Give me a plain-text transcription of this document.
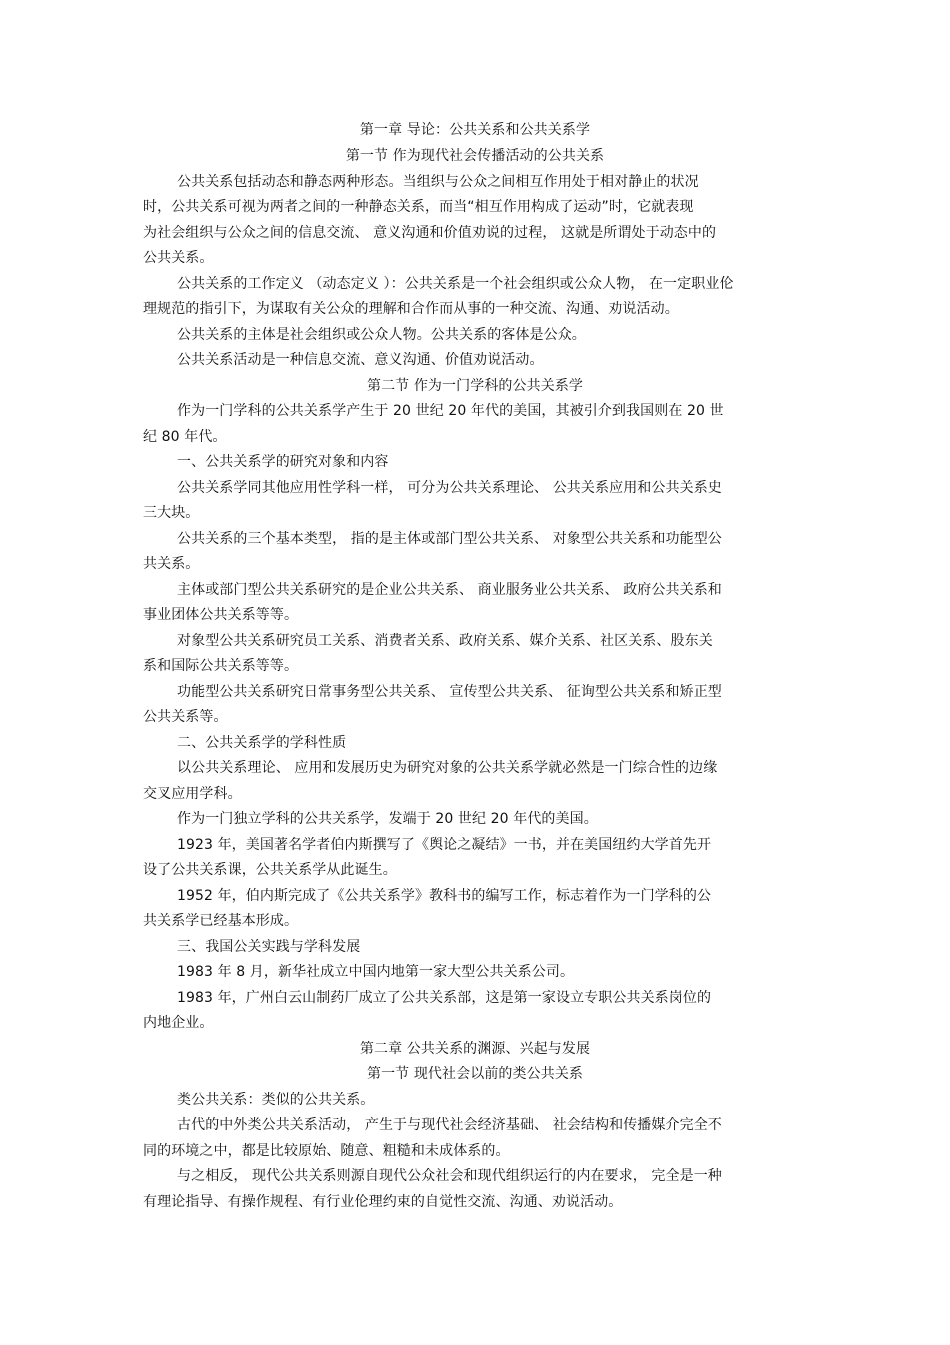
第一章 导论：公共关系和公共关系学
第一节 作为现代社会传播活动的公共关系
公共关系包括动态和静态两种形态。当组织与公众之间相互作用处于相对静止的状况
时，公共关系可视为两者之间的一种静态关系，而当“相互作用构成了运动”时，它就表现
为社会组织与公众之间的信息交流、 意义沟通和价值劝说的过程， 这就是所谓处于动态中的
公共关系。
公共关系的工作定义 （动态定义 ）：公共关系是一个社会组织或公众人物， 在一定职业伦
理规范的指引下，为谋取有关公众的理解和合作而从事的一种交流、沟通、劝说活动。
公共关系的主体是社会组织或公众人物。公共关系的客体是公众。
公共关系活动是一种信息交流、意义沟通、价值劝说活动。
第二节 作为一门学科的公共关系学
作为一门学科的公共关系学产生于 20 世纪 20 年代的美国，其被引介到我国则在 20 世
纪 80 年代。
一、公共关系学的研究对象和内容
公共关系学同其他应用性学科一样， 可分为公共关系理论、 公共关系应用和公共关系史
三大块。
公共关系的三个基本类型， 指的是主体或部门型公共关系、 对象型公共关系和功能型公
共关系。
主体或部门型公共关系研究的是企业公共关系、 商业服务业公共关系、 政府公共关系和
事业团体公共关系等等。
对象型公共关系研究员工关系、消费者关系、政府关系、媒介关系、社区关系、股东关
系和国际公共关系等等。
功能型公共关系研究日常事务型公共关系、 宣传型公共关系、 征询型公共关系和矫正型
公共关系等。
二、公共关系学的学科性质
以公共关系理论、 应用和发展历史为研究对象的公共关系学就必然是一门综合性的边缘
交叉应用学科。
作为一门独立学科的公共关系学，发端于 20 世纪 20 年代的美国。
1923 年，美国著名学者伯内斯撰写了《舆论之凝结》一书，并在美国纽约大学首先开
设了公共关系课，公共关系学从此诞生。
1952 年，伯内斯完成了《公共关系学》教科书的编写工作，标志着作为一门学科的公
共关系学已经基本形成。
三、我国公关实践与学科发展
1983 年 8 月，新华社成立中国内地第一家大型公共关系公司。
1983 年，广州白云山制药厂成立了公共关系部，这是第一家设立专职公共关系岗位的
内地企业。
第二章 公共关系的渊源、兴起与发展
第一节 现代社会以前的类公共关系
类公共关系：类似的公共关系。
古代的中外类公共关系活动， 产生于与现代社会经济基础、 社会结构和传播媒介完全不
同的环境之中，都是比较原始、随意、粗糙和未成体系的。
与之相反， 现代公共关系则源自现代公众社会和现代组织运行的内在要求， 完全是一种
有理论指导、有操作规程、有行业伦理约束的自觉性交流、沟通、劝说活动。
